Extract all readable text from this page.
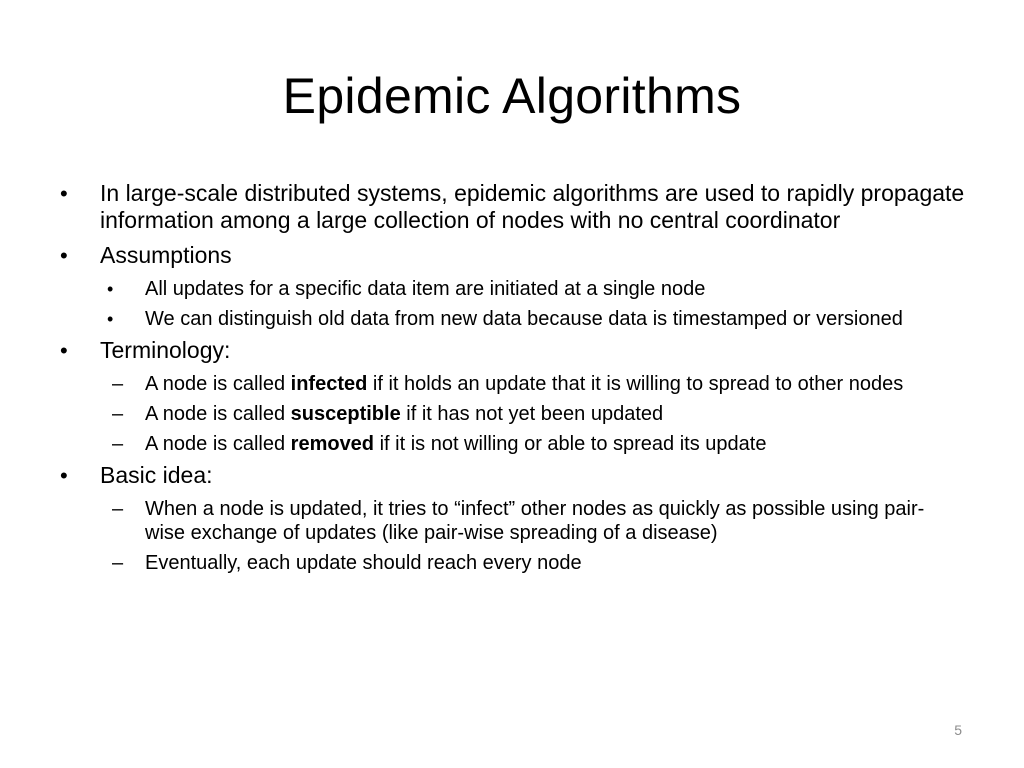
Epidemic Algorithms
• In large-scale distributed systems, epidemic algorithms are used to rapidly propagate information among a large collection of nodes with no central coordinator
• Assumptions
• All updates for a specific data item are initiated at a single node
• We can distinguish old data from new data because data is timestamped or versioned
• Terminology:
– A node is called infected if it holds an update that it is willing to spread to other nodes
– A node is called susceptible if it has not yet been updated
– A node is called removed if it is not willing or able to spread its update
• Basic idea:
– When a node is updated, it tries to “infect” other nodes as quickly as possible using pair-wise exchange of updates (like pair-wise spreading of a disease)
– Eventually, each update should reach every node
5
